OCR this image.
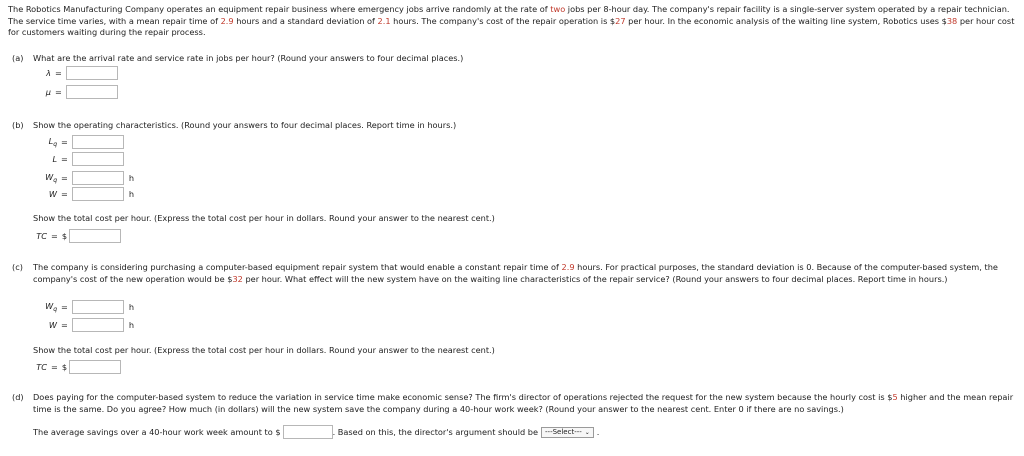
The Robotics Manufacturing Company operates an equipment repair business where emergency jobs arrive randomly at the rate of two jobs per 8-hour day. The company's repair facility is a single-server system operated by a repair technician. The service time varies, with a mean repair time of 2.9 hours and a standard deviation of 2.1 hours. The company's cost of the repair operation is $27 per hour. In the economic analysis of the waiting line system, Robotics uses $38 per hour cost for customers waiting during the repair process.
(a) What are the arrival rate and service rate in jobs per hour? (Round your answers to four decimal places.)
λ =
μ =
(b) Show the operating characteristics. (Round your answers to four decimal places. Report time in hours.)
$L_q$ =
L =
$W_q$ =	h
W =	h
Show the total cost per hour. (Express the total cost per hour in dollars. Round your answer to the nearest cent.)
TC = $
(c) The company is considering purchasing a computer-based equipment repair system that would enable a constant repair time of 2.9 hours. For practical purposes, the standard deviation is 0. Because of the computer-based system, the company's cost of the new operation would be $32 per hour. What effect will the new system have on the waiting line characteristics of the repair service? (Round your answers to four decimal places. Report time in hours.)
$W_q$ =	h
W =	h
Show the total cost per hour. (Express the total cost per hour in dollars. Round your answer to the nearest cent.)
TC = $
(d) Does paying for the computer-based system to reduce the variation in service time make economic sense? The firm's director of operations rejected the request for the new system because the hourly cost is $5 higher and the mean repair time is the same. Do you agree? How much (in dollars) will the new system save the company during a 40-hour work week? (Round your answer to the nearest cent. Enter 0 if there are no savings.)
The average savings over a 40-hour work week amount to $	. Based on this, the director's argument should be ---Select--- ⌄ .
